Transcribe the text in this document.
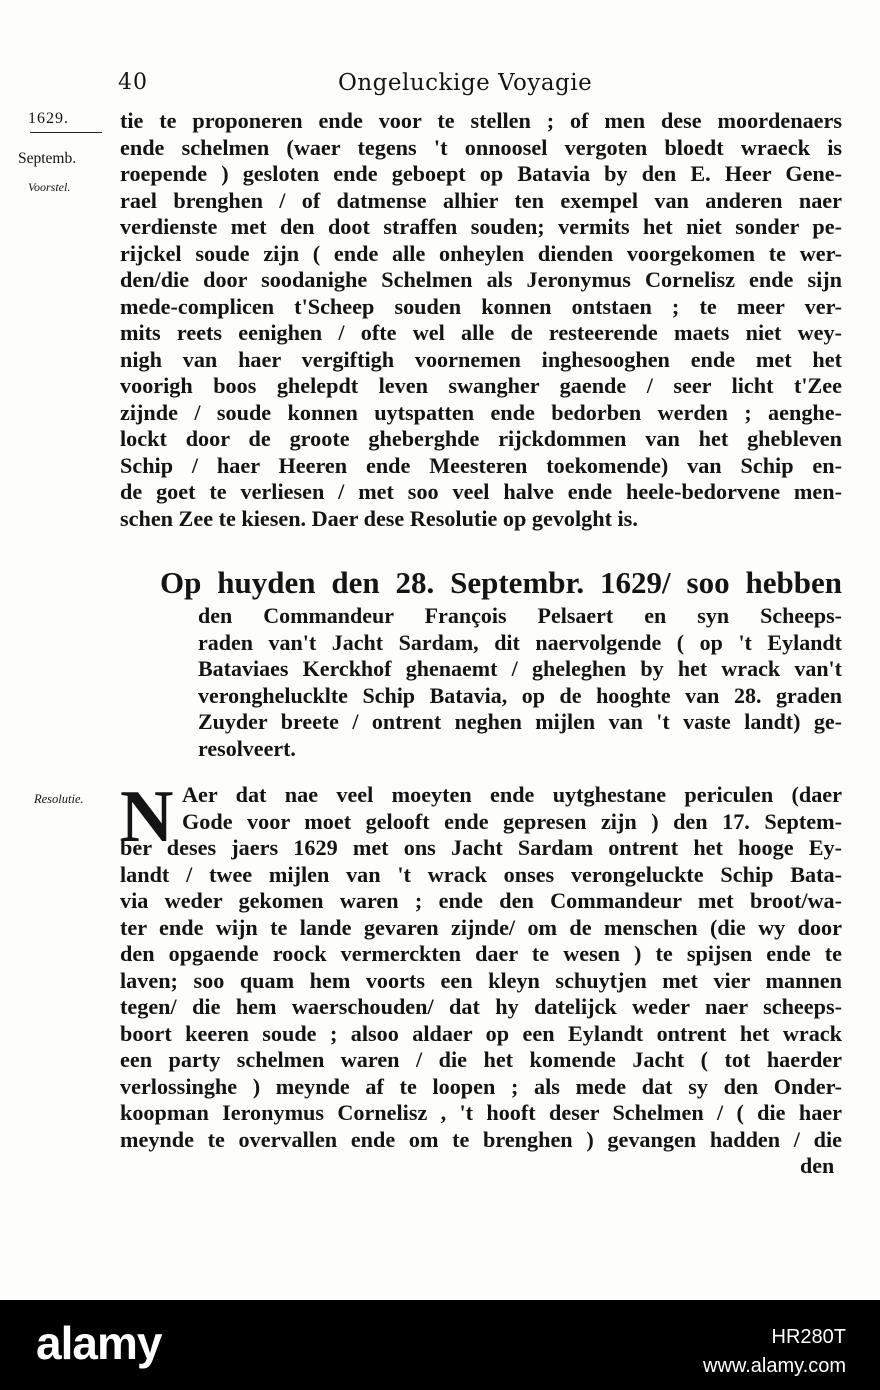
40	Ongeluckige Voyagie
1629.
Septemb.
Voorstel.
Resolutie.
tie te proponeren ende voor te stellen ; of men dese moordenaers
ende schelmen (waer tegens 't onnoosel vergoten bloedt wraeck is
roepende ) gesloten ende geboept op Batavia by den E. Heer Gene-
rael brenghen / of datmense alhier ten exempel van anderen naer
verdienste met den doot straffen souden; vermits het niet sonder pe-
rijckel soude zijn ( ende alle onheylen dienden voorgekomen te wer-
den/die door soodanighe Schelmen als Jeronymus Cornelisz ende sijn
mede-complicen t'Scheep souden konnen ontstaen ; te meer ver-
mits reets eenighen / ofte wel alle de resteerende maets niet wey-
nigh van haer vergiftigh voornemen inghesooghen ende met het
voorigh boos ghelepdt leven swangher gaende / seer licht t'Zee
zijnde / soude konnen uytspatten ende bedorben werden ; aenghe-
lockt door de groote gheberghde rijckdommen van het ghebleven
Schip / haer Heeren ende Meesteren toekomende) van Schip en-
de goet te verliesen / met soo veel halve ende heele-bedorvene men-
schen Zee te kiesen. Daer dese Resolutie op gevolght is.
Op huyden den 28. Septembr. 1629/ soo hebben
den Commandeur François Pelsaert en syn Scheeps-
raden van't Jacht Sardam, dit naervolgende ( op 't Eylandt
Bataviaes Kerckhof ghenaemt / gheleghen by het wrack van't
veronghelucklte Schip Batavia, op de hooghte van 28. graden
Zuyder breete / ontrent neghen mijlen van 't vaste landt) ge-
resolveert.
N Aer dat nae veel moeyten ende uytghestane periculen (daer
Gode voor moet gelooft ende gepresen zijn ) den 17. Septem-
ber deses jaers 1629 met ons Jacht Sardam ontrent het hooge Ey-
landt / twee mijlen van 't wrack onses verongeluckte Schip Bata-
via weder gekomen waren ; ende den Commandeur met broot/wa-
ter ende wijn te lande gevaren zijnde/ om de menschen (die wy door
den opgaende roock vermerckten daer te wesen ) te spijsen ende te
laven; soo quam hem voorts een kleyn schuytjen met vier mannen
tegen/ die hem waerschouden/ dat hy datelijck weder naer scheeps-
boort keeren soude ; alsoo aldaer op een Eylandt ontrent het wrack
een party schelmen waren / die het komende Jacht ( tot haerder
verlossinghe ) meynde af te loopen ; als mede dat sy den Onder-
koopman Ieronymus Cornelisz , 't hooft deser Schelmen / ( die haer
meynde te overvallen ende om te brenghen ) gevangen hadden / die
den
alamy	HR280T
www.alamy.com
